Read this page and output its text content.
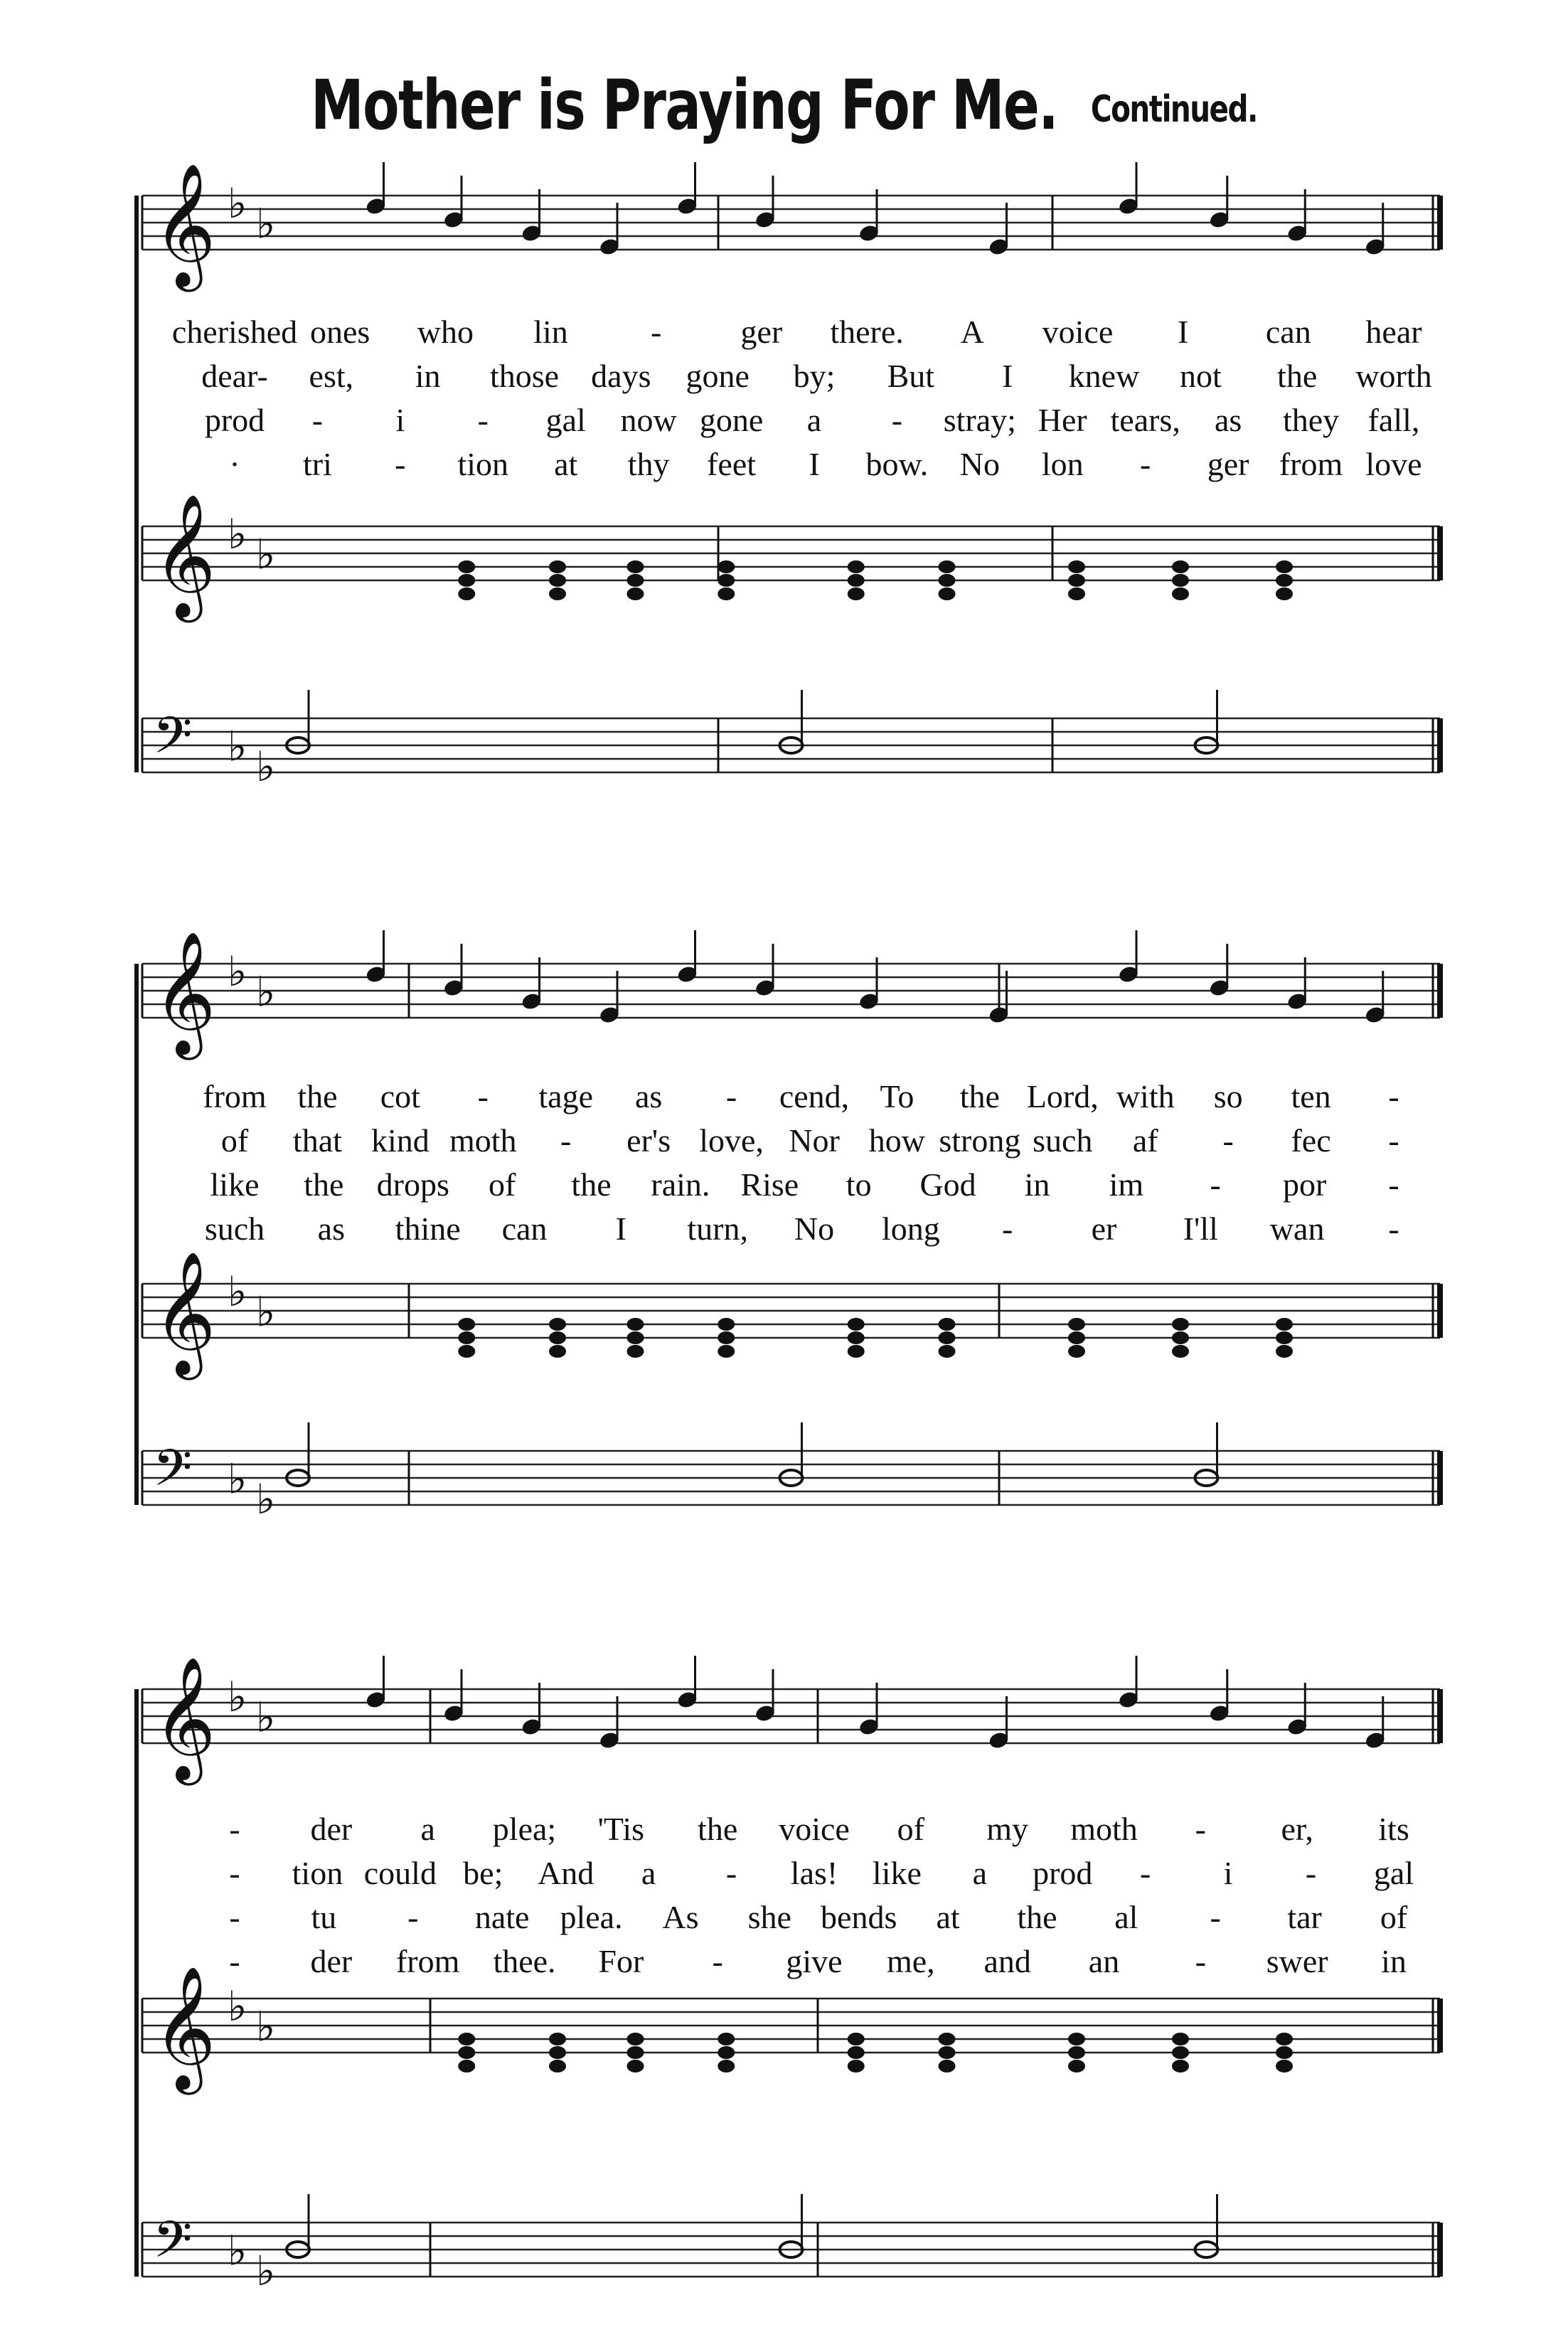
Mother is Praying For Me. Continued.
𝄞 ♭ ♭
𝄞 ♭ ♭
𝄢 ♭ ♭
𝄞 ♭ ♭
𝄞 ♭ ♭
𝄢 ♭ ♭
𝄞 ♭ ♭
𝄞 ♭ ♭
𝄢 ♭ ♭
cherished ones who lin	- ger there. A voice I can hear
dear- est, in those days gone by; But I knew not the worth
prod - i - gal now gone a - stray; Her tears, as they fall,
· tri - tion at thy feet I bow. No lon - ger from love
from the cot - tage as - cend, To the Lord, with so ten -
of that kind moth - er's love, Nor how strong such af - fec -
like the drops of the rain. Rise to God in im - por -
such as thine can I turn, No long - er I'll wan -
- der a plea; 'Tis the voice of my moth - er, its
- tion could be; And a - las! like a prod - i - gal
- tu - nate plea. As she bends at the al - tar of
- der from thee. For - give me, and an - swer in
